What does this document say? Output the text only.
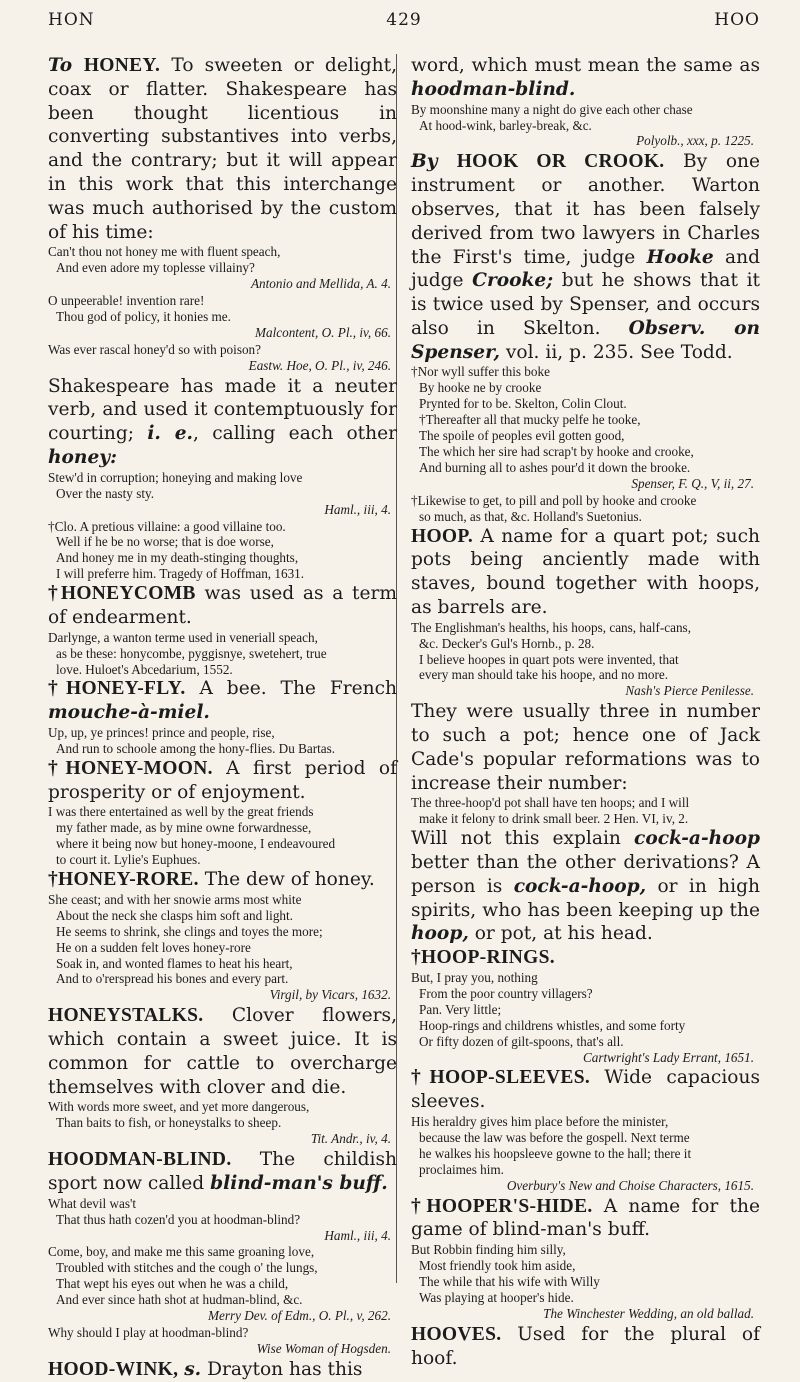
HON	429	HOO

To HONEY. To sweeten or delight, coax or flatter. Shakespeare has been thought licentious in converting substantives into verbs, and the contrary; but it will appear in this work that this interchange was much authorised by the custom of his time:

Can't thou not honey me with fluent speach,

And even adore my toplesse villainy?

Antonio and Mellida, A. 4.

O unpeerable! invention rare!

Thou god of policy, it honies me.

Malcontent, O. Pl., iv, 66.

Was ever rascal honey'd so with poison?

Eastw. Hoe, O. Pl., iv, 246.

Shakespeare has made it a neuter verb, and used it contemptuously for courting; i. e., calling each other honey:

Stew'd in corruption; honeying and making love

Over the nasty sty.

Haml., iii, 4.

†Clo. A pretious villaine: a good villaine too.

Well if he be no worse; that is doe worse,

And honey me in my death-stinging thoughts,

I will preferre him. Tragedy of Hoffman, 1631.

†HONEYCOMB was used as a term of endearment.

Darlynge, a wanton terme used in veneriall speach,

as be these: honycombe, pyggisnye, swetehert, true

love. Huloet's Abcedarium, 1552.

†HONEY-FLY. A bee. The French mouche-à-miel.

Up, up, ye princes! prince and people, rise,

And run to schoole among the hony-flies. Du Bartas.

†HONEY-MOON. A first period of prosperity or of enjoyment.

I was there entertained as well by the great friends

my father made, as by mine owne forwardnesse,

where it being now but honey-moone, I endeavoured

to court it. Lylie's Euphues.

†HONEY-RORE. The dew of honey.

She ceast; and with her snowie arms most white

About the neck she clasps him soft and light.

He seems to shrink, she clings and toyes the more;

He on a sudden felt loves honey-rore

Soak in, and wonted flames to heat his heart,

And to o'rerspread his bones and every part.

Virgil, by Vicars, 1632.

HONEYSTALKS. Clover flowers, which contain a sweet juice. It is common for cattle to overcharge themselves with clover and die.

With words more sweet, and yet more dangerous,

Than baits to fish, or honeystalks to sheep.

Tit. Andr., iv, 4.

HOODMAN-BLIND. The childish sport now called blind-man's buff.

What devil was't

That thus hath cozen'd you at hoodman-blind?

Haml., iii, 4.

Come, boy, and make me this same groaning love,

Troubled with stitches and the cough o' the lungs,

That wept his eyes out when he was a child,

And ever since hath shot at hudman-blind, &c.

Merry Dev. of Edm., O. Pl., v, 262.

Why should I play at hoodman-blind?

Wise Woman of Hogsden.

HOOD-WINK, s. Drayton has this

word, which must mean the same as hoodman-blind.

By moonshine many a night do give each other chase

At hood-wink, barley-break, &c.

Polyolb., xxx, p. 1225.

By HOOK OR CROOK. By one instrument or another. Warton observes, that it has been falsely derived from two lawyers in Charles the First's time, judge Hooke and judge Crooke; but he shows that it is twice used by Spenser, and occurs also in Skelton. Observ. on Spenser, vol. ii, p. 235. See Todd.

†Nor wyll suffer this boke

By hooke ne by crooke

Prynted for to be. Skelton, Colin Clout.

†Thereafter all that mucky pelfe he tooke,

The spoile of peoples evil gotten good,

The which her sire had scrap't by hooke and crooke,

And burning all to ashes pour'd it down the brooke.

Spenser, F. Q., V, ii, 27.

†Likewise to get, to pill and poll by hooke and crooke

so much, as that, &c. Holland's Suetonius.

HOOP. A name for a quart pot; such pots being anciently made with staves, bound together with hoops, as barrels are.

The Englishman's healths, his hoops, cans, half-cans,

&c. Decker's Gul's Hornb., p. 28.

I believe hoopes in quart pots were invented, that

every man should take his hoope, and no more.

Nash's Pierce Penilesse.

They were usually three in number to such a pot; hence one of Jack Cade's popular reformations was to increase their number:

The three-hoop'd pot shall have ten hoops; and I will

make it felony to drink small beer. 2 Hen. VI, iv, 2.

Will not this explain cock-a-hoop better than the other derivations? A person is cock-a-hoop, or in high spirits, who has been keeping up the hoop, or pot, at his head.

†HOOP-RINGS.

But, I pray you, nothing

From the poor country villagers?

Pan. Very little;

Hoop-rings and childrens whistles, and some forty

Or fifty dozen of gilt-spoons, that's all.

Cartwright's Lady Errant, 1651.

†HOOP-SLEEVES. Wide capacious sleeves.

His heraldry gives him place before the minister,

because the law was before the gospell. Next terme

he walkes his hoopsleeve gowne to the hall; there it

proclaimes him.

Overbury's New and Choise Characters, 1615.

†HOOPER'S-HIDE. A name for the game of blind-man's buff.

But Robbin finding him silly,

Most friendly took him aside,

The while that his wife with Willy

Was playing at hooper's hide.

The Winchester Wedding, an old ballad.

HOOVES. Used for the plural of hoof.
